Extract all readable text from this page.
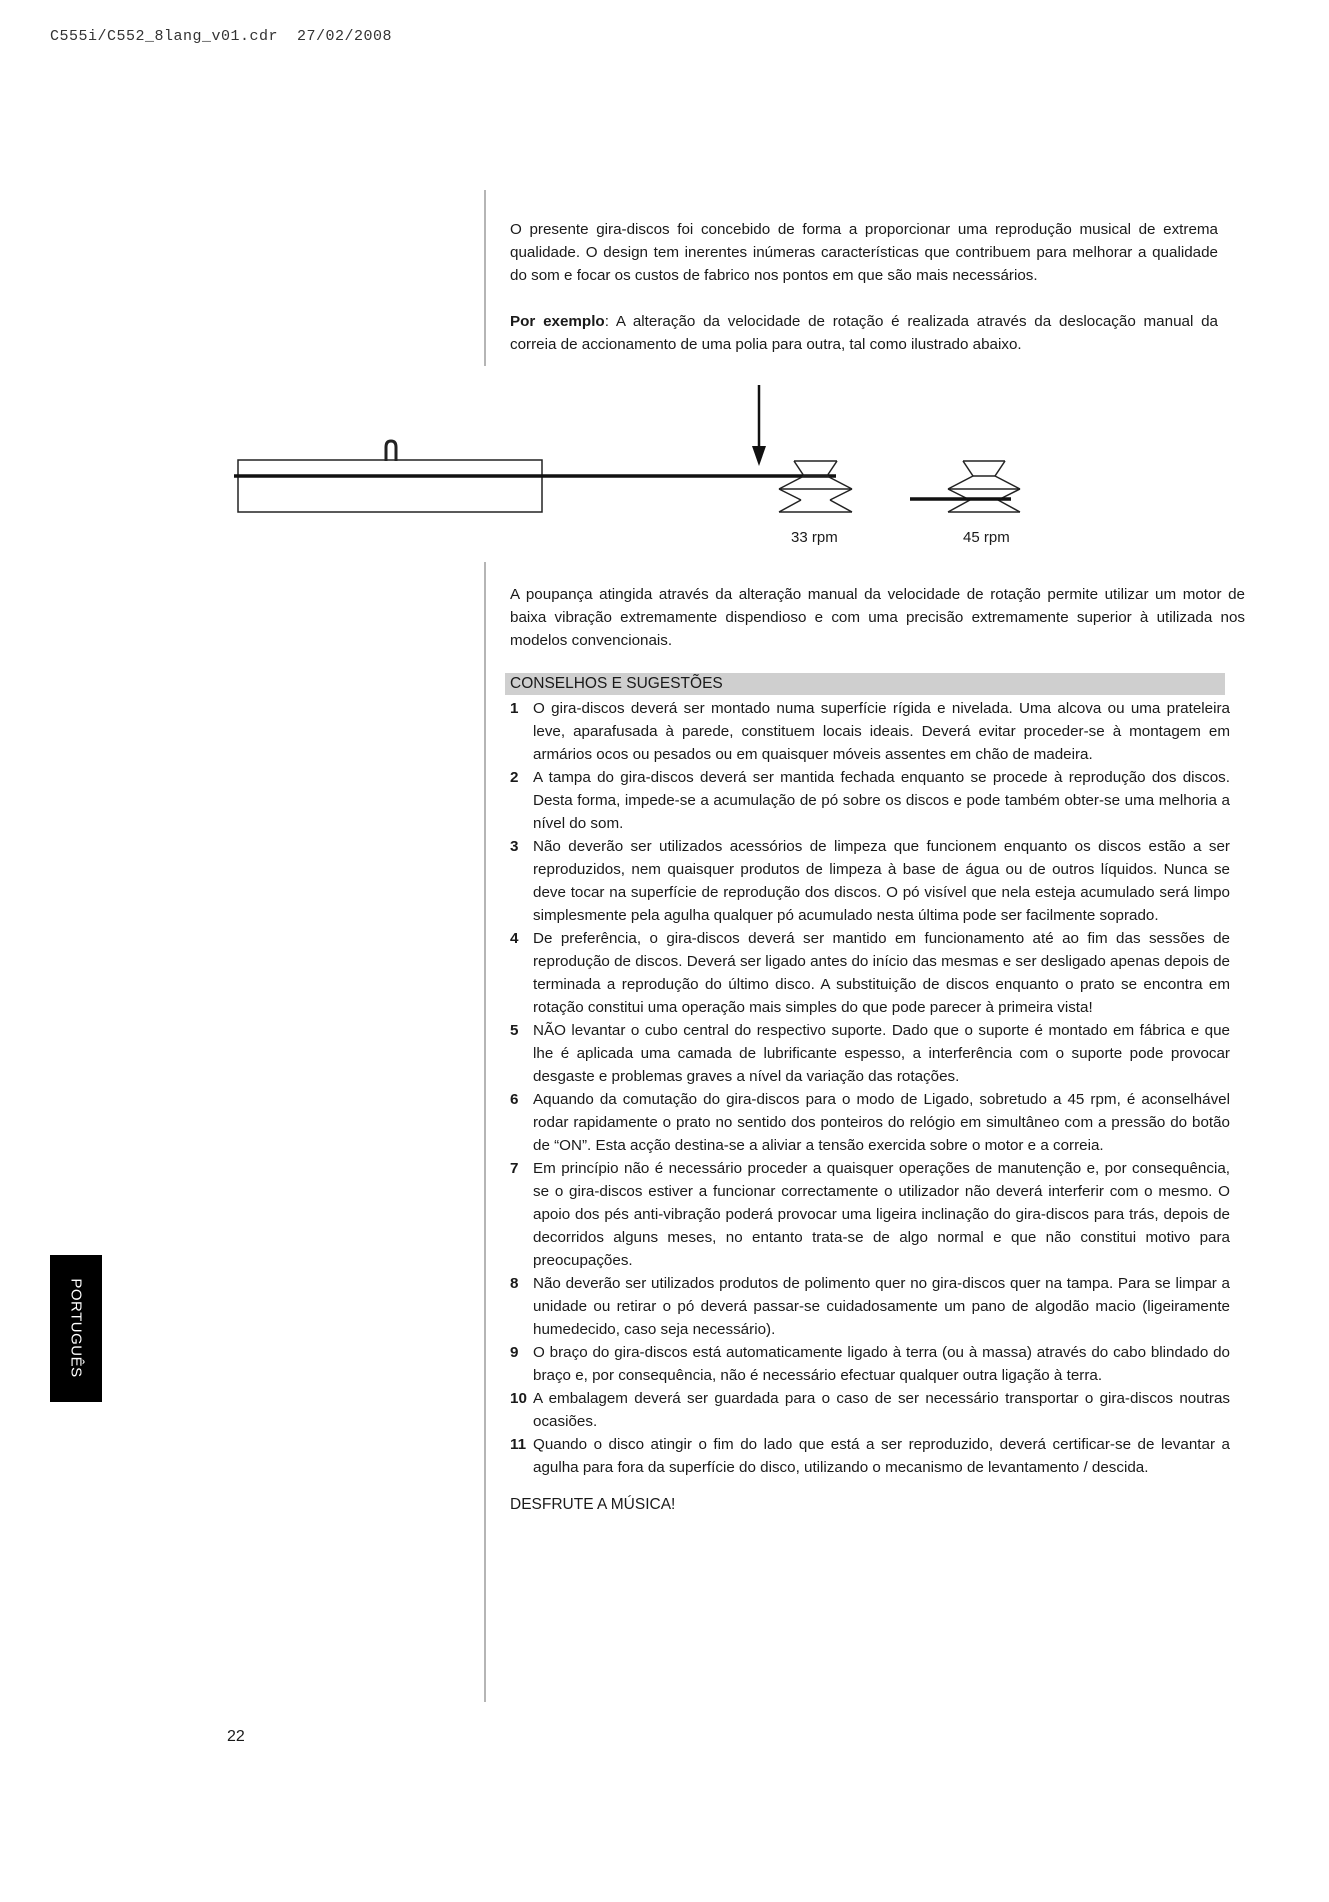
C555i/C552_8lang_v01.cdr  27/02/2008

O presente gira-discos foi concebido de forma a proporcionar uma reprodução musical de extrema qualidade. O design tem inerentes inúmeras características que contribuem para melhorar a qualidade do som e focar os custos de fabrico nos pontos em que são mais necessários.

Por exemplo: A alteração da velocidade de rotação é realizada através da deslocação manual da correia de accionamento de uma polia para outra, tal como ilustrado abaixo.

33 rpm	45 rpm

A poupança atingida através da alteração manual da velocidade de rotação permite utilizar um motor de baixa vibração extremamente dispendioso e com uma precisão extremamente superior à utilizada nos modelos convencionais.

CONSELHOS E SUGESTÕES
1 O gira-discos deverá ser montado numa superfície rígida e nivelada. Uma alcova ou uma prateleira leve, aparafusada à parede, constituem locais ideais. Deverá evitar proceder-se à montagem em armários ocos ou pesados ou em quaisquer móveis assentes em chão de madeira.
2 A tampa do gira-discos deverá ser mantida fechada enquanto se procede à reprodução dos discos. Desta forma, impede-se a acumulação de pó sobre os discos e pode também obter-se uma melhoria a nível do som.
3 Não deverão ser utilizados acessórios de limpeza que funcionem enquanto os discos estão a ser reproduzidos, nem quaisquer produtos de limpeza à base de água ou de outros líquidos. Nunca se deve tocar na superfície de reprodução dos discos. O pó visível que nela esteja acumulado será limpo simplesmente pela agulha qualquer pó acumulado nesta última pode ser facilmente soprado.
4 De preferência, o gira-discos deverá ser mantido em funcionamento até ao fim das sessões de reprodução de discos. Deverá ser ligado antes do início das mesmas e ser desligado apenas depois de terminada a reprodução do último disco. A substituição de discos enquanto o prato se encontra em rotação constitui uma operação mais simples do que pode parecer à primeira vista!
5 NÃO levantar o cubo central do respectivo suporte. Dado que o suporte é montado em fábrica e que lhe é aplicada uma camada de lubrificante espesso, a interferência com o suporte pode provocar desgaste e problemas graves a nível da variação das rotações.
6 Aquando da comutação do gira-discos para o modo de Ligado, sobretudo a 45 rpm, é aconselhável rodar rapidamente o prato no sentido dos ponteiros do relógio em simultâneo com a pressão do botão de “ON”. Esta acção destina-se a aliviar a tensão exercida sobre o motor e a correia.
7 Em princípio não é necessário proceder a quaisquer operações de manutenção e, por consequência, se o gira-discos estiver a funcionar correctamente o utilizador não deverá interferir com o mesmo. O apoio dos pés anti-vibração poderá provocar uma ligeira inclinação do gira-discos para trás, depois de decorridos alguns meses, no entanto trata-se de algo normal e que não constitui motivo para preocupações.
8 Não deverão ser utilizados produtos de polimento quer no gira-discos quer na tampa. Para se limpar a unidade ou retirar o pó deverá passar-se cuidadosamente um pano de algodão macio (ligeiramente humedecido, caso seja necessário).
9 O braço do gira-discos está automaticamente ligado à terra (ou à massa) através do cabo blindado do braço e, por consequência, não é necessário efectuar qualquer outra ligação à terra.
10 A embalagem deverá ser guardada para o caso de ser necessário transportar o gira-discos noutras ocasiões.
11 Quando o disco atingir o fim do lado que está a ser reproduzido, deverá certificar-se de levantar a agulha para fora da superfície do disco, utilizando o mecanismo de levantamento / descida.
DESFRUTE A MÚSICA!
22
PORTUGUÊS
